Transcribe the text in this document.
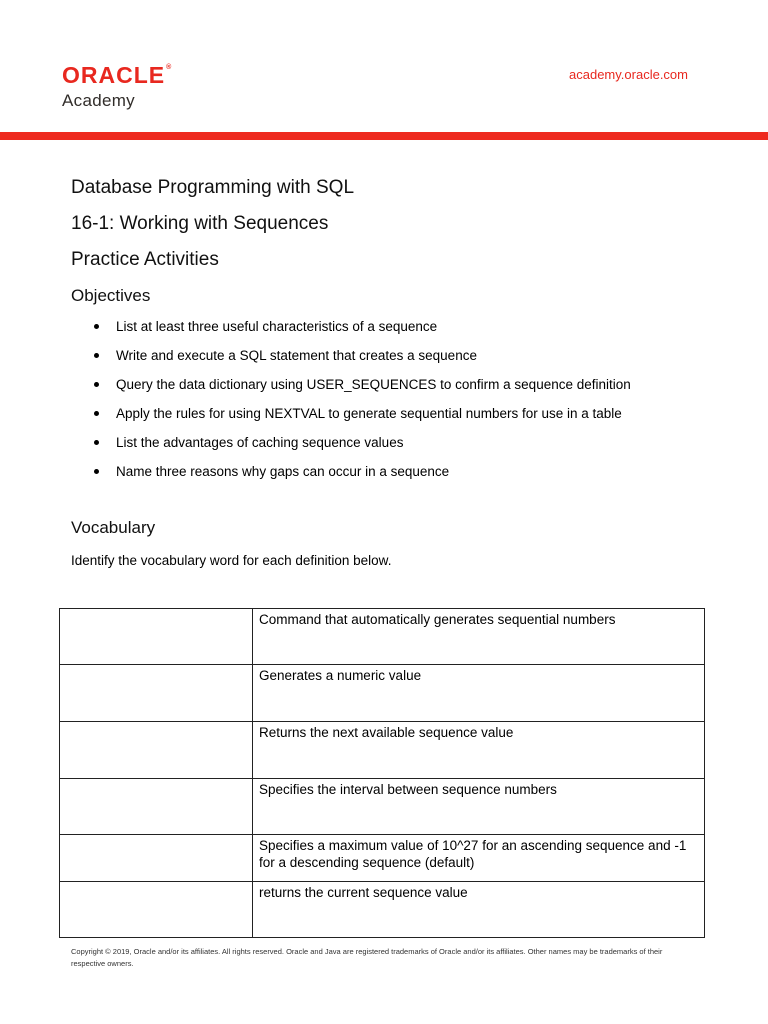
ORACLE ®
Academy
academy.oracle.com
Database Programming with SQL
16-1: Working with Sequences
Practice Activities
Objectives
List at least three useful characteristics of a sequence
Write and execute a SQL statement that creates a sequence
Query the data dictionary using USER_SEQUENCES to confirm a sequence definition
Apply the rules for using NEXTVAL to generate sequential numbers for use in a table
List the advantages of caching sequence values
Name three reasons why gaps can occur in a sequence
Vocabulary
Identify the vocabulary word for each definition below.
	Command that automatically generates sequential numbers
	Generates a numeric value
	Returns the next available sequence value
	Specifies the interval between sequence numbers
	Specifies a maximum value of 10^27 for an ascending sequence and -1 for a descending sequence (default)
	returns the current sequence value
Copyright © 2019, Oracle and/or its affiliates. All rights reserved. Oracle and Java are registered trademarks of Oracle and/or its affiliates. Other names may be trademarks of their respective owners.
